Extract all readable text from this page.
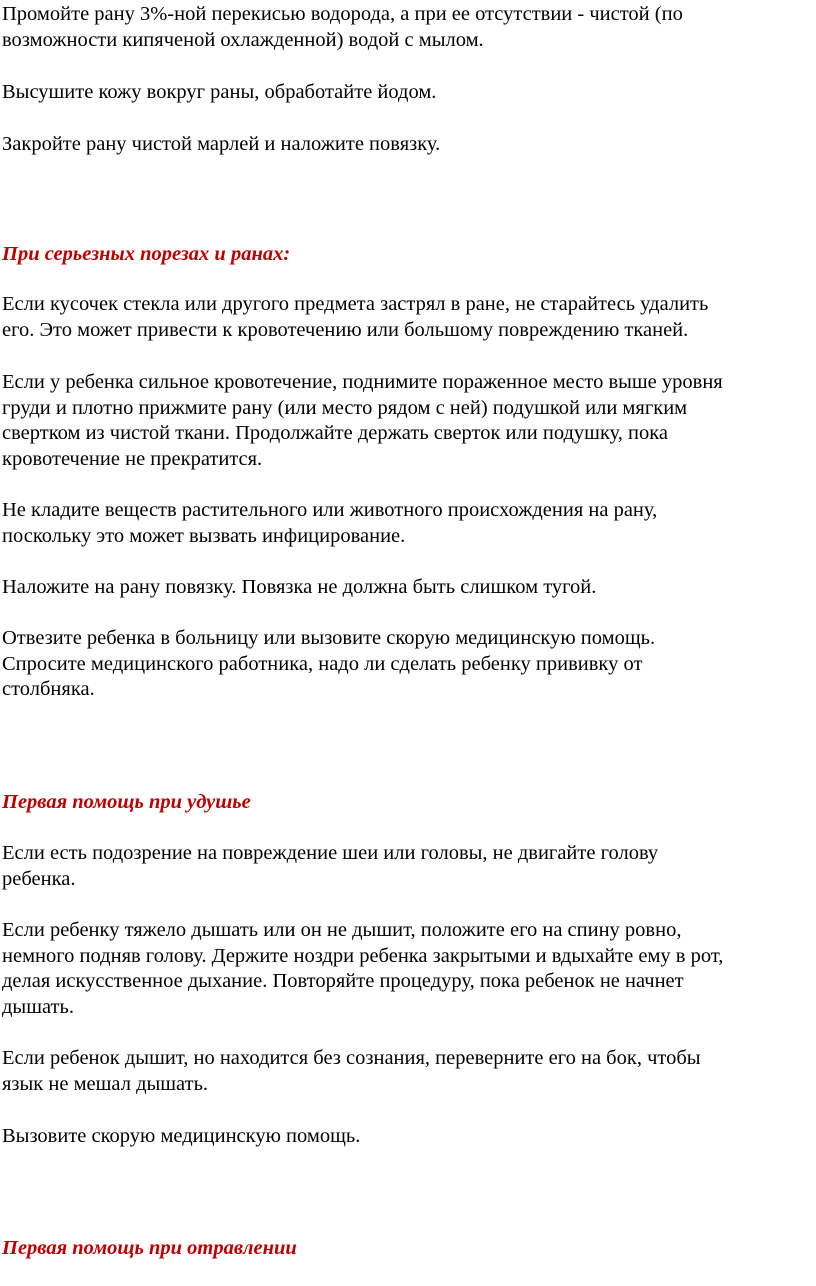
Промойте рану 3%-ной перекисью водорода, а при ее отсутствии - чистой (по
возможности кипяченой охлажденной) водой с мылом.

Высушите кожу вокруг раны, обработайте йодом.

Закройте рану чистой марлей и наложите повязку.

При серьезных порезах и ранах:

Если кусочек стекла или другого предмета застрял в ране, не старайтесь удалить
его. Это может привести к кровотечению или большому повреждению тканей.

Если у ребенка сильное кровотечение, поднимите пораженное место выше уровня
груди и плотно прижмите рану (или место рядом с ней) подушкой или мягким
свертком из чистой ткани. Продолжайте держать сверток или подушку, пока
кровотечение не прекратится.

Не кладите веществ растительного или животного происхождения на рану,
поскольку это может вызвать инфицирование.

Наложите на рану повязку. Повязка не должна быть слишком тугой.

Отвезите ребенка в больницу или вызовите скорую медицинскую помощь.
Спросите медицинского работника, надо ли сделать ребенку прививку от
столбняка.

Первая помощь при удушье

Если есть подозрение на повреждение шеи или головы, не двигайте голову
ребенка.

Если ребенку тяжело дышать или он не дышит, положите его на спину ровно,
немного подняв голову. Держите ноздри ребенка закрытыми и вдыхайте ему в рот,
делая искусственное дыхание. Повторяйте процедуру, пока ребенок не начнет
дышать.

Если ребенок дышит, но находится без сознания, переверните его на бок, чтобы
язык не мешал дышать.

Вызовите скорую медицинскую помощь.

Первая помощь при отравлении
